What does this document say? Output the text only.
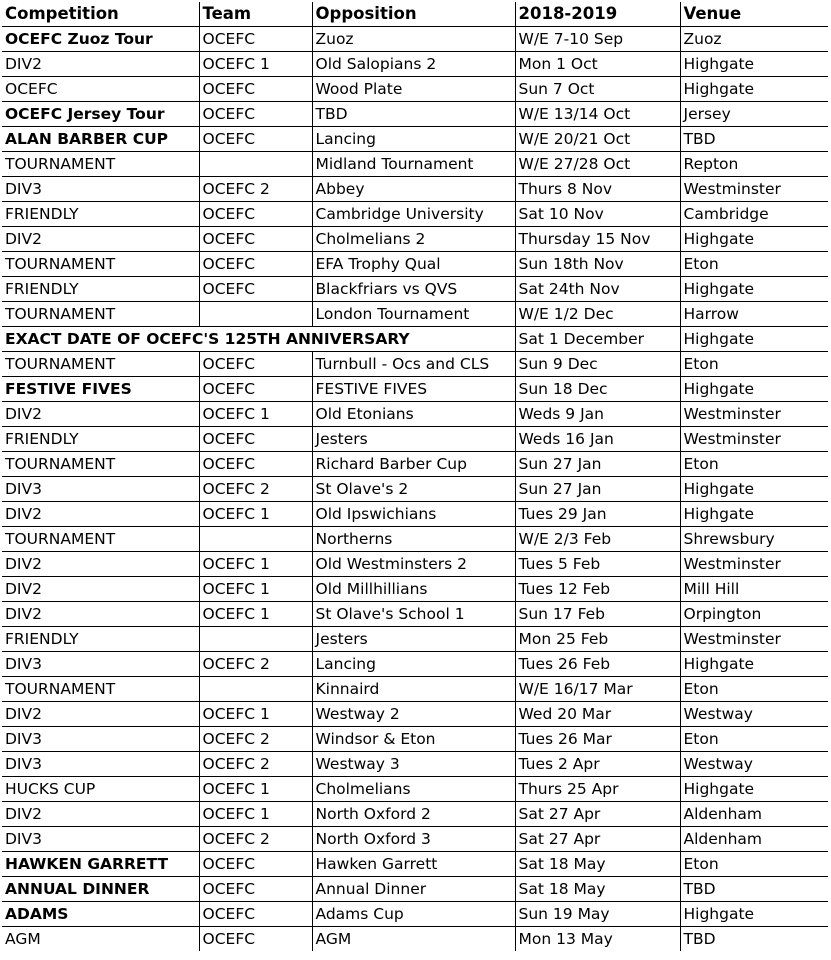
Competition	Team	Opposition	2018-2019	Venue
OCEFC Zuoz Tour	OCEFC	Zuoz	W/E 7-10 Sep	Zuoz
DIV2	OCEFC 1	Old Salopians 2	Mon 1 Oct	Highgate
OCEFC	OCEFC	Wood Plate	Sun 7 Oct	Highgate
OCEFC Jersey Tour	OCEFC	TBD	W/E 13/14 Oct	Jersey
ALAN BARBER CUP	OCEFC	Lancing	W/E 20/21 Oct	TBD
TOURNAMENT		Midland Tournament	W/E 27/28 Oct	Repton
DIV3	OCEFC 2	Abbey	Thurs 8 Nov	Westminster
FRIENDLY	OCEFC	Cambridge University	Sat 10 Nov	Cambridge
DIV2	OCEFC	Cholmelians 2	Thursday 15 Nov	Highgate
TOURNAMENT	OCEFC	EFA Trophy Qual	Sun 18th Nov	Eton
FRIENDLY	OCEFC	Blackfriars vs QVS	Sat 24th Nov	Highgate
TOURNAMENT		London Tournament	W/E 1/2 Dec	Harrow
EXACT DATE OF OCEFC'S 125TH ANNIVERSARY			Sat 1 December	Highgate
TOURNAMENT	OCEFC	Turnbull - Ocs and CLS	Sun 9 Dec	Eton
FESTIVE FIVES	OCEFC	FESTIVE FIVES	Sun 18 Dec	Highgate
DIV2	OCEFC 1	Old Etonians	Weds 9 Jan	Westminster
FRIENDLY	OCEFC	Jesters	Weds 16 Jan	Westminster
TOURNAMENT	OCEFC	Richard Barber Cup	Sun 27 Jan	Eton
DIV3	OCEFC 2	St Olave's 2	Sun 27 Jan	Highgate
DIV2	OCEFC 1	Old Ipswichians	Tues 29 Jan	Highgate
TOURNAMENT		Northerns	W/E 2/3 Feb	Shrewsbury
DIV2	OCEFC 1	Old Westminsters 2	Tues 5 Feb	Westminster
DIV2	OCEFC 1	Old Millhillians	Tues 12 Feb	Mill Hill
DIV2	OCEFC 1	St Olave's School 1	Sun 17 Feb	Orpington
FRIENDLY		Jesters	Mon 25 Feb	Westminster
DIV3	OCEFC 2	Lancing	Tues 26 Feb	Highgate
TOURNAMENT		Kinnaird	W/E 16/17 Mar	Eton
DIV2	OCEFC 1	Westway 2	Wed 20 Mar	Westway
DIV3	OCEFC 2	Windsor & Eton	Tues 26 Mar	Eton
DIV3	OCEFC 2	Westway 3	Tues 2 Apr	Westway
HUCKS CUP	OCEFC 1	Cholmelians	Thurs 25 Apr	Highgate
DIV2	OCEFC 1	North Oxford 2	Sat 27 Apr	Aldenham
DIV3	OCEFC 2	North Oxford 3	Sat 27 Apr	Aldenham
HAWKEN GARRETT	OCEFC	Hawken Garrett	Sat 18 May	Eton
ANNUAL DINNER	OCEFC	Annual Dinner	Sat 18 May	TBD
ADAMS	OCEFC	Adams Cup	Sun 19 May	Highgate
AGM	OCEFC	AGM	Mon 13 May	TBD
